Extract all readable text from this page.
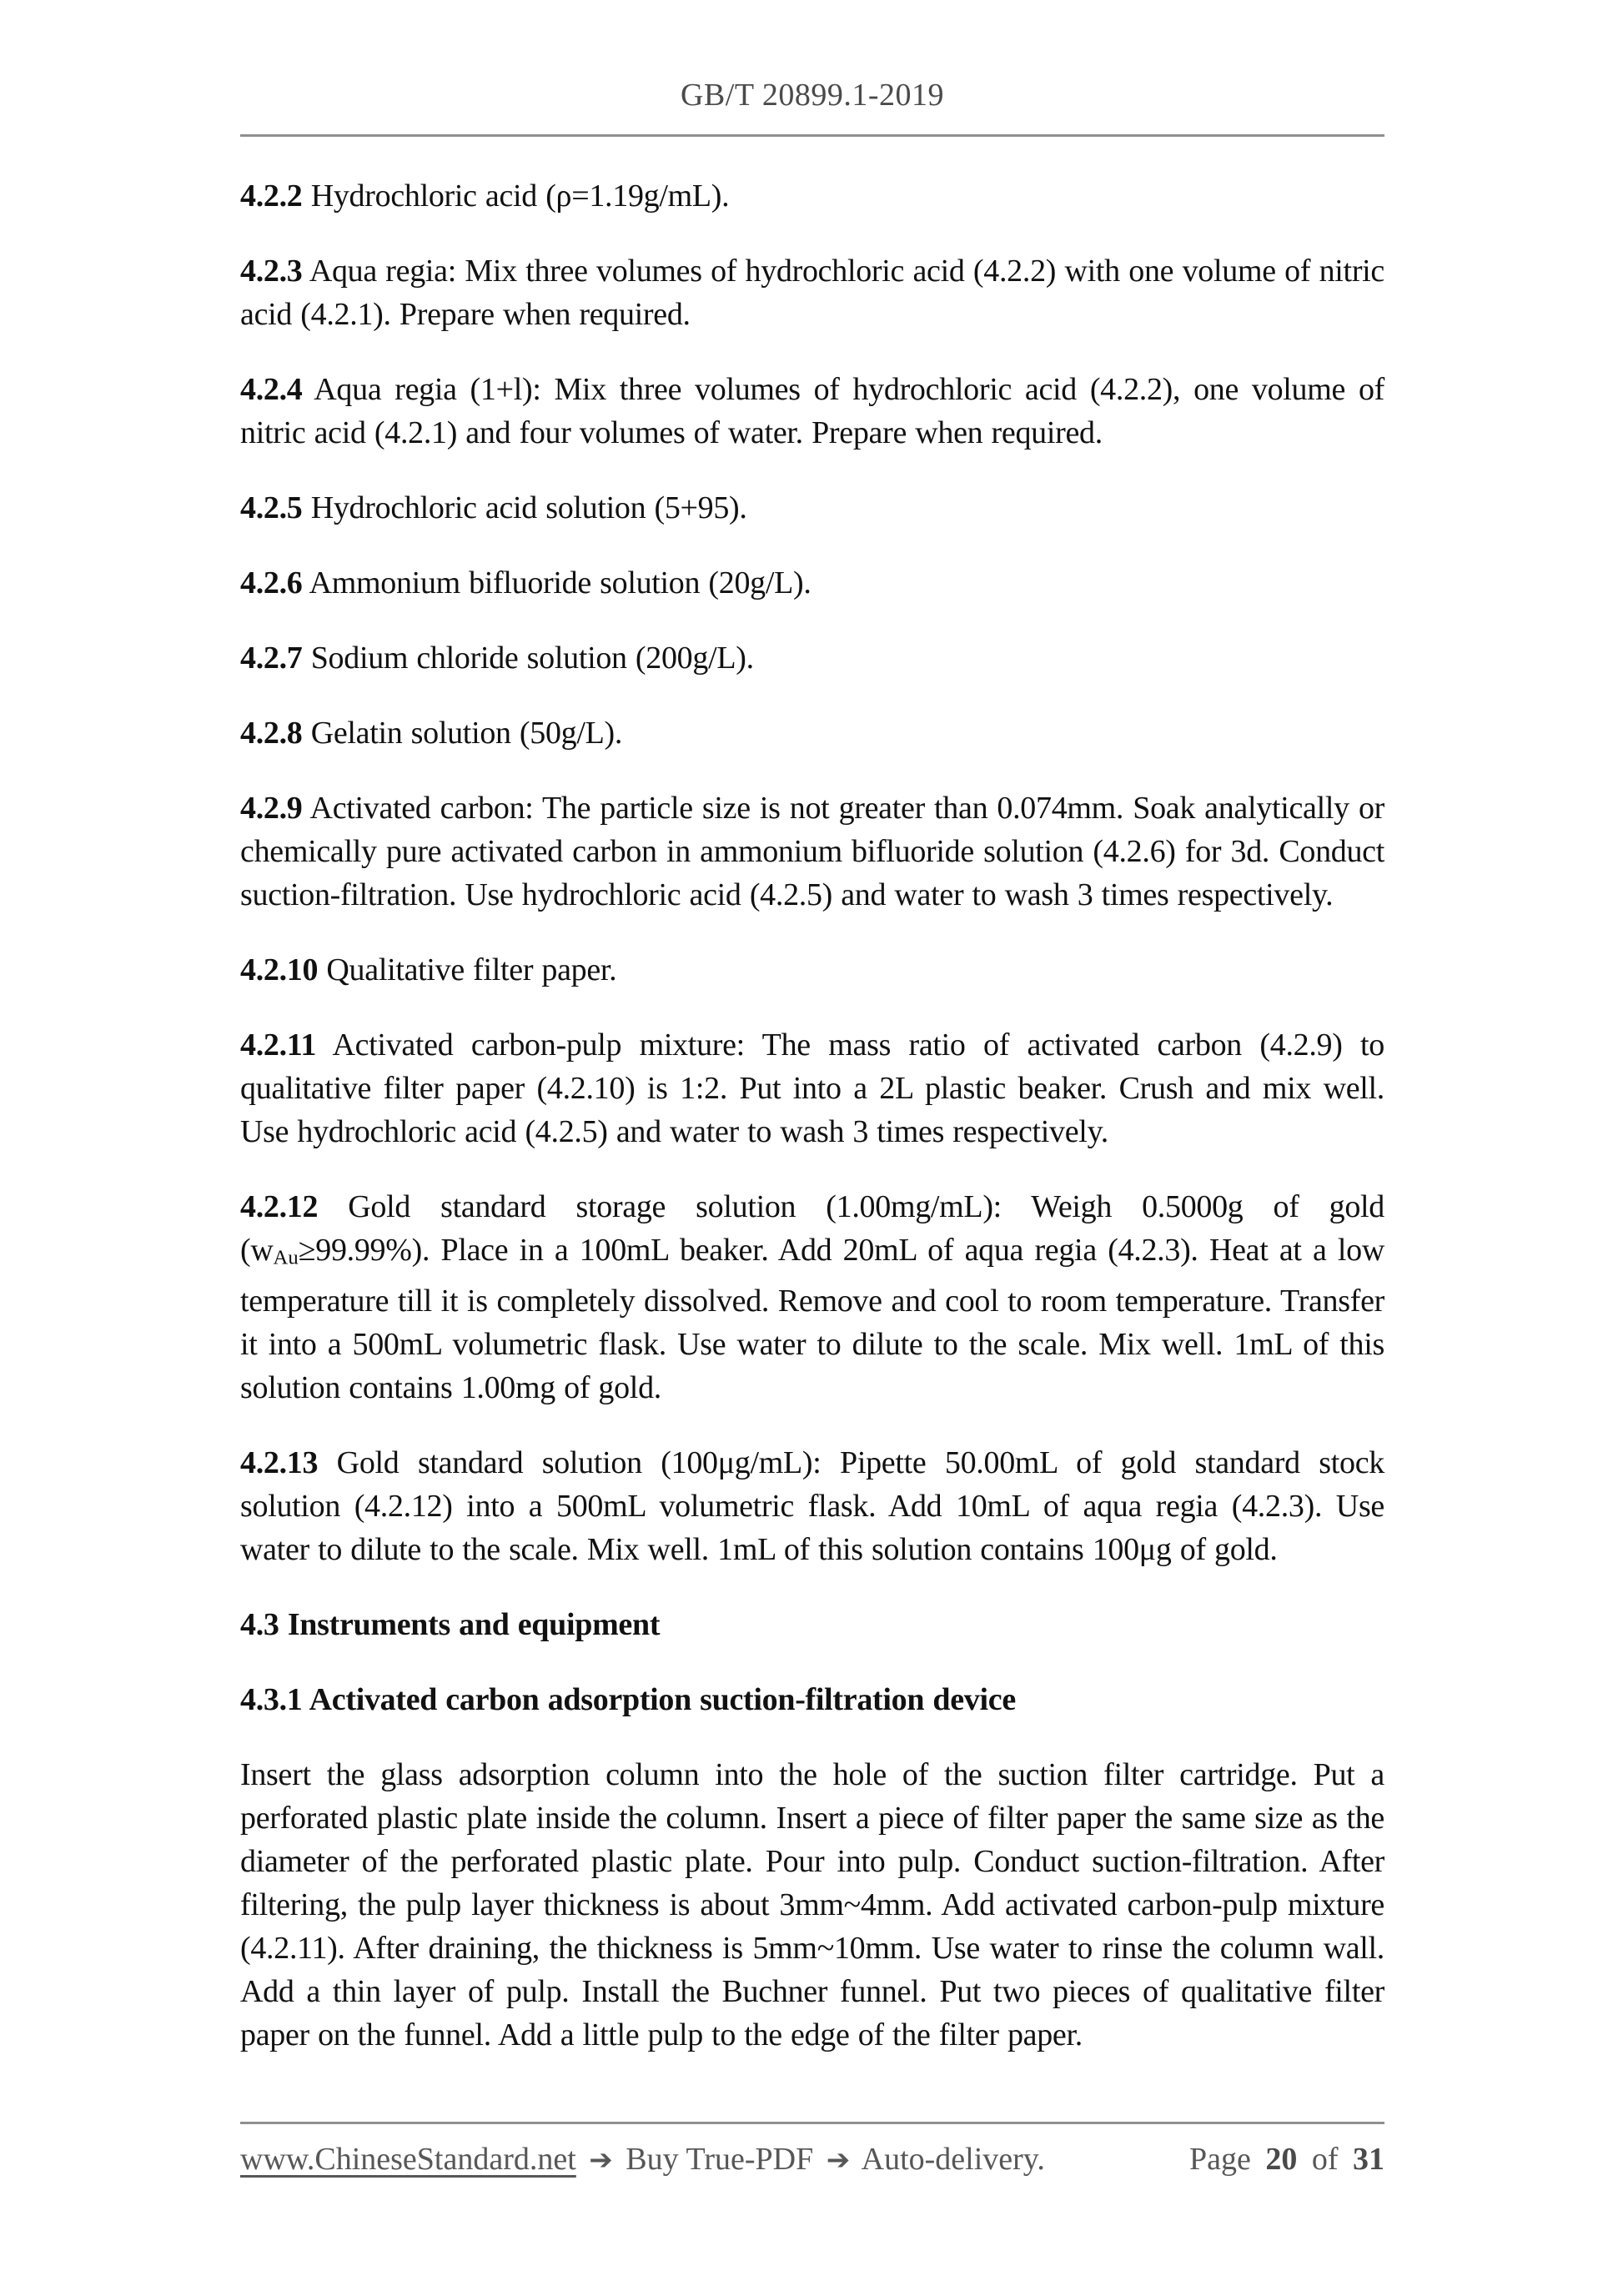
GB/T 20899.1-2019

4.2.2 Hydrochloric acid (ρ=1.19g/mL).

4.2.3 Aqua regia: Mix three volumes of hydrochloric acid (4.2.2) with one volume of nitric acid (4.2.1). Prepare when required.

4.2.4 Aqua regia (1+l): Mix three volumes of hydrochloric acid (4.2.2), one volume of nitric acid (4.2.1) and four volumes of water. Prepare when required.

4.2.5 Hydrochloric acid solution (5+95).

4.2.6 Ammonium bifluoride solution (20g/L).

4.2.7 Sodium chloride solution (200g/L).

4.2.8 Gelatin solution (50g/L).

4.2.9 Activated carbon: The particle size is not greater than 0.074mm. Soak analytically or chemically pure activated carbon in ammonium bifluoride solution (4.2.6) for 3d. Conduct suction-filtration. Use hydrochloric acid (4.2.5) and water to wash 3 times respectively.

4.2.10 Qualitative filter paper.

4.2.11 Activated carbon-pulp mixture: The mass ratio of activated carbon (4.2.9) to qualitative filter paper (4.2.10) is 1:2. Put into a 2L plastic beaker. Crush and mix well. Use hydrochloric acid (4.2.5) and water to wash 3 times respectively.

4.2.12 Gold standard storage solution (1.00mg/mL): Weigh 0.5000g of gold (wAu≥99.99%). Place in a 100mL beaker. Add 20mL of aqua regia (4.2.3). Heat at a low temperature till it is completely dissolved. Remove and cool to room temperature. Transfer it into a 500mL volumetric flask. Use water to dilute to the scale. Mix well. 1mL of this solution contains 1.00mg of gold.

4.2.13 Gold standard solution (100μg/mL): Pipette 50.00mL of gold standard stock solution (4.2.12) into a 500mL volumetric flask. Add 10mL of aqua regia (4.2.3). Use water to dilute to the scale. Mix well. 1mL of this solution contains 100μg of gold.

4.3 Instruments and equipment

4.3.1 Activated carbon adsorption suction-filtration device

Insert the glass adsorption column into the hole of the suction filter cartridge. Put a perforated plastic plate inside the column. Insert a piece of filter paper the same size as the diameter of the perforated plastic plate. Pour into pulp. Conduct suction-filtration. After filtering, the pulp layer thickness is about 3mm~4mm. Add activated carbon-pulp mixture (4.2.11). After draining, the thickness is 5mm~10mm. Use water to rinse the column wall. Add a thin layer of pulp. Install the Buchner funnel. Put two pieces of qualitative filter paper on the funnel. Add a little pulp to the edge of the filter paper.

www.ChineseStandard.net ➔ Buy True-PDF ➔ Auto-delivery.	Page 20 of 31
